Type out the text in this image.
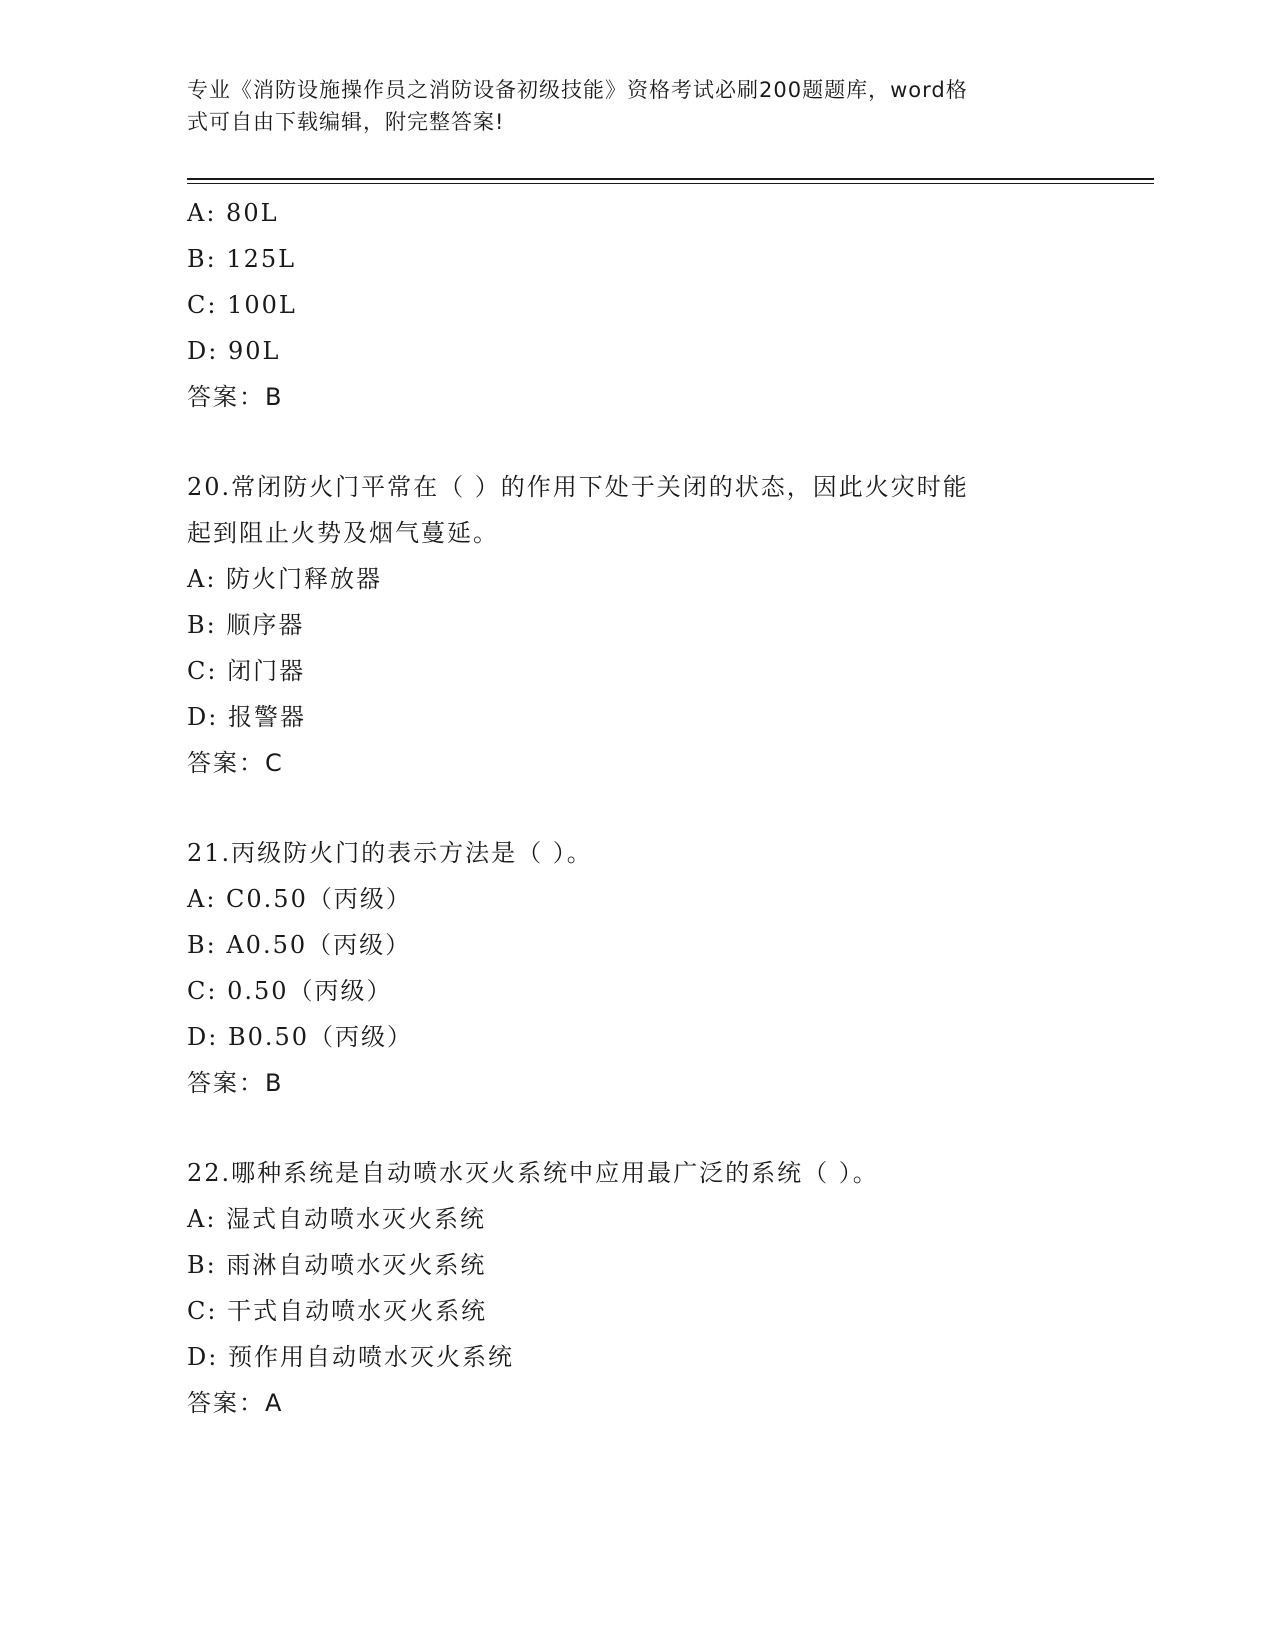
专业《消防设施操作员之消防设备初级技能》资格考试必刷200题题库，word格
式可自由下载编辑，附完整答案!
A: 80L
B: 125L
C: 100L
D: 90L
答案：B
20.常闭防火门平常在（ ）的作用下处于关闭的状态，因此火灾时能
起到阻止火势及烟气蔓延。
A: 防火门释放器
B: 顺序器
C: 闭门器
D: 报警器
答案：C
21.丙级防火门的表示方法是（ ）。
A: C0.50（丙级）
B: A0.50（丙级）
C: 0.50（丙级）
D: B0.50（丙级）
答案：B
22.哪种系统是自动喷水灭火系统中应用最广泛的系统（ ）。
A: 湿式自动喷水灭火系统
B: 雨淋自动喷水灭火系统
C: 干式自动喷水灭火系统
D: 预作用自动喷水灭火系统
答案：A
